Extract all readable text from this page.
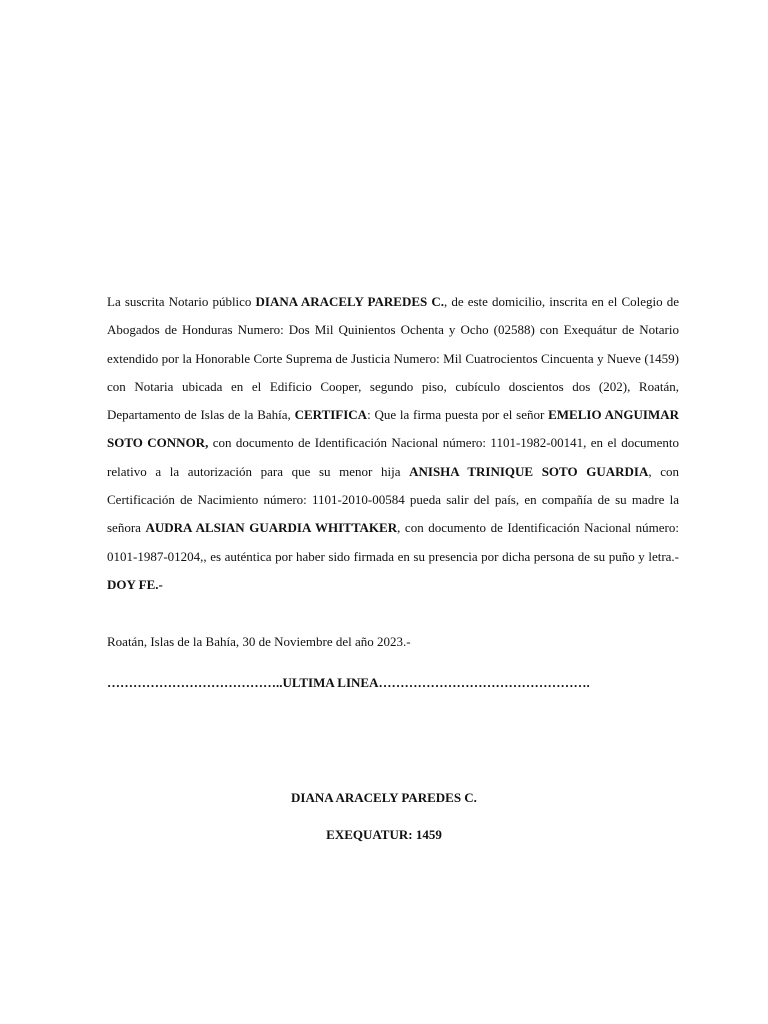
La suscrita Notario público DIANA ARACELY PAREDES C., de este domicilio, inscrita en el Colegio de Abogados de Honduras Numero: Dos Mil Quinientos Ochenta y Ocho (02588) con Exequátur de Notario extendido por la Honorable Corte Suprema de Justicia Numero: Mil Cuatrocientos Cincuenta y Nueve (1459) con Notaria ubicada en el Edificio Cooper, segundo piso, cubículo doscientos dos (202), Roatán, Departamento de Islas de la Bahía, CERTIFICA: Que la firma puesta por el señor EMELIO ANGUIMAR SOTO CONNOR, con documento de Identificación Nacional número: 1101-1982-00141, en el documento relativo a la autorización para que su menor hija ANISHA TRINIQUE SOTO GUARDIA, con Certificación de Nacimiento número: 1101-2010-00584 pueda salir del país, en compañía de su madre la señora AUDRA ALSIAN GUARDIA WHITTAKER, con documento de Identificación Nacional número: 0101-1987-01204,, es auténtica por haber sido firmada en su presencia por dicha persona de su puño y letra.- DOY FE.-

Roatán, Islas de la Bahía, 30 de Noviembre del año 2023.-

…………………………………..ULTIMA LINEA………………………………………….

DIANA ARACELY PAREDES C.

EXEQUATUR: 1459
